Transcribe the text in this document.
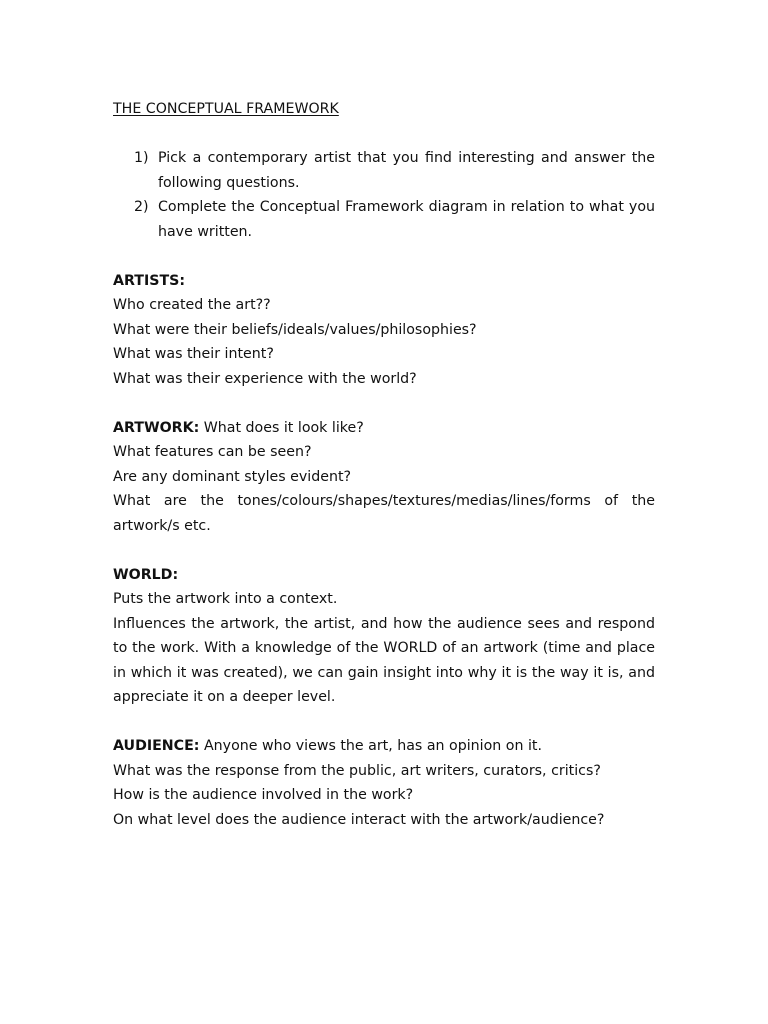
THE CONCEPTUAL FRAMEWORK
1) Pick a contemporary artist that you find interesting and answer the following questions.
2) Complete the Conceptual Framework diagram in relation to what you have written.
ARTISTS:
Who created the art??
What were their beliefs/ideals/values/philosophies?
What was their intent?
What was their experience with the world?
ARTWORK: What does it look like?
What features can be seen?
Are any dominant styles evident?
What are the tones/colours/shapes/textures/medias/lines/forms of the artwork/s etc.
WORLD:
Puts the artwork into a context.
Influences the artwork, the artist, and how the audience sees and respond to the work. With a knowledge of the WORLD of an artwork (time and place in which it was created), we can gain insight into why it is the way it is, and appreciate it on a deeper level.
AUDIENCE: Anyone who views the art, has an opinion on it.
What was the response from the public, art writers, curators, critics?
How is the audience involved in the work?
On what level does the audience interact with the artwork/audience?
